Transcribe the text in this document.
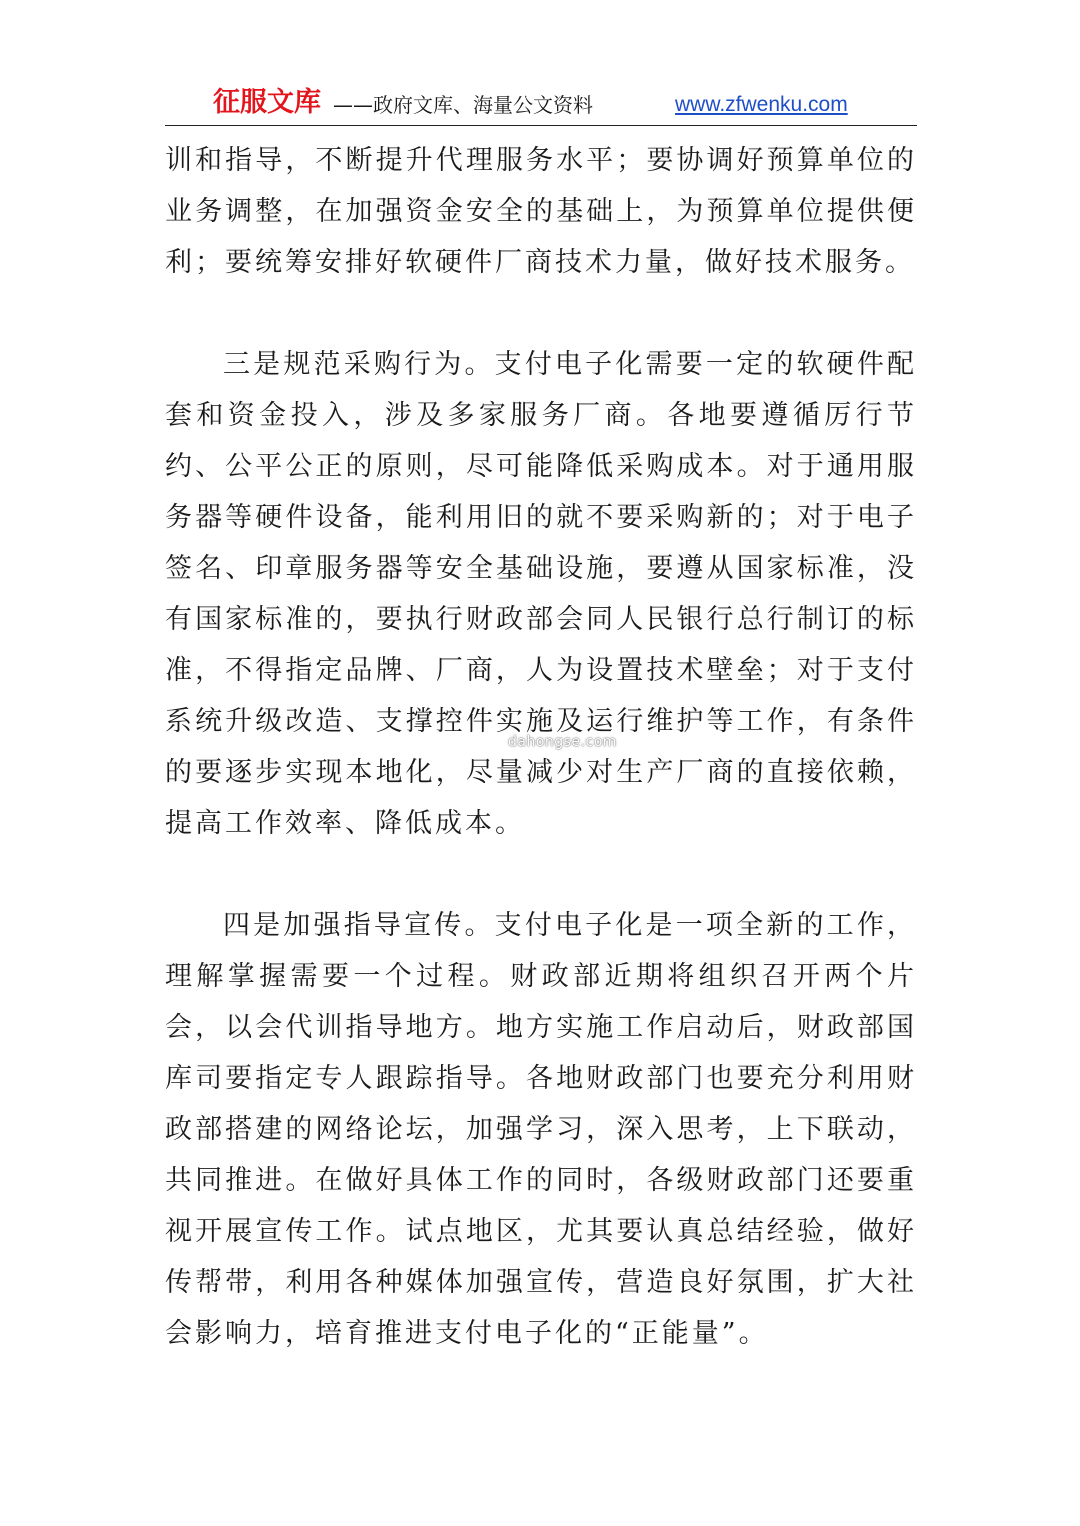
征服文库 ——政府文库、海量公文资料	www.zfwenku.com

训和指导，不断提升代理服务水平；要协调好预算单位的业务调整，在加强资金安全的基础上，为预算单位提供便利；要统筹安排好软硬件厂商技术力量，做好技术服务。

三是规范采购行为。支付电子化需要一定的软硬件配套和资金投入，涉及多家服务厂商。各地要遵循厉行节约、公平公正的原则，尽可能降低采购成本。对于通用服务器等硬件设备，能利用旧的就不要采购新的；对于电子签名、印章服务器等安全基础设施，要遵从国家标准，没有国家标准的，要执行财政部会同人民银行总行制订的标准，不得指定品牌、厂商，人为设置技术壁垒；对于支付系统升级改造、支撑控件实施及运行维护等工作，有条件的要逐步实现本地化，尽量减少对生产厂商的直接依赖，提高工作效率、降低成本。

四是加强指导宣传。支付电子化是一项全新的工作，理解掌握需要一个过程。财政部近期将组织召开两个片会，以会代训指导地方。地方实施工作启动后，财政部国库司要指定专人跟踪指导。各地财政部门也要充分利用财政部搭建的网络论坛，加强学习，深入思考，上下联动，共同推进。在做好具体工作的同时，各级财政部门还要重视开展宣传工作。试点地区，尤其要认真总结经验，做好传帮带，利用各种媒体加强宣传，营造良好氛围，扩大社会影响力，培育推进支付电子化的“正能量”。

dahongse.com
